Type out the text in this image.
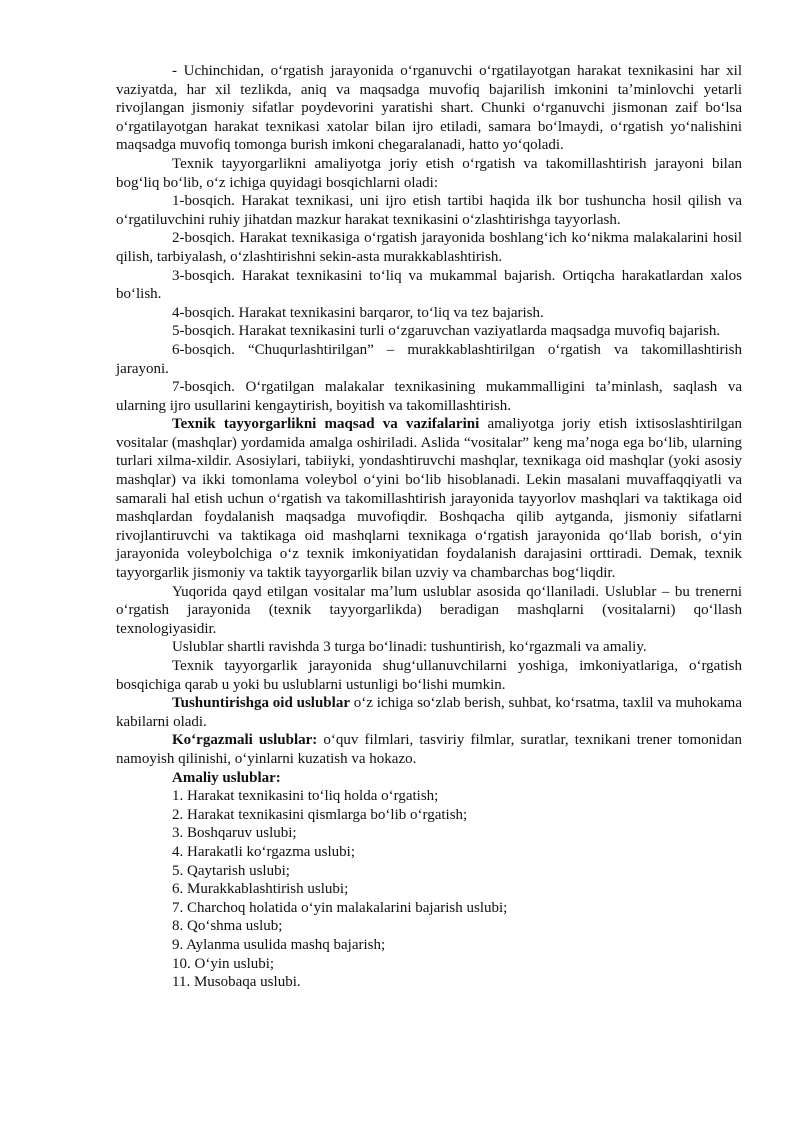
- Uchinchidan, oʻrgatish jarayonida oʻrganuvchi oʻrgatilayotgan harakat texnikasini har xil vaziyatda, har xil tezlikda, aniq va maqsadga muvofiq bajarilish imkonini taʼminlovchi yetarli rivojlangan jismoniy sifatlar poydevorini yaratishi shart. Chunki oʻrganuvchi jismonan zaif boʻlsa oʻrgatilayotgan harakat texnikasi xatolar bilan ijro etiladi, samara boʻlmaydi, oʻrgatish yoʻnalishini maqsadga muvofiq tomonga burish imkoni chegaralanadi, hatto yoʻqoladi.

Texnik tayyorgarlikni amaliyotga joriy etish oʻrgatish va takomillashtirish jarayoni bilan bogʻliq boʻlib, oʻz ichiga quyidagi bosqichlarni oladi:

1-bosqich. Harakat texnikasi, uni ijro etish tartibi haqida ilk bor tushuncha hosil qilish va oʻrgatiluvchini ruhiy jihatdan mazkur harakat texnikasini oʻzlashtirishga tayyorlash.

2-bosqich. Harakat texnikasiga oʻrgatish jarayonida boshlangʻich koʻnikma malakalarini hosil qilish, tarbiyalash, oʻzlashtirishni sekin-asta murakkablashtirish.

3-bosqich. Harakat texnikasini toʻliq va mukammal bajarish. Ortiqcha harakatlardan xalos boʻlish.

4-bosqich. Harakat texnikasini barqaror, toʻliq va tez bajarish.

5-bosqich. Harakat texnikasini turli oʻzgaruvchan vaziyatlarda maqsadga muvofiq bajarish.

6-bosqich. “Chuqurlashtirilgan” – murakkablashtirilgan oʻrgatish va takomillashtirish jarayoni.

7-bosqich. Oʻrgatilgan malakalar texnikasining mukammalligini taʼminlash, saqlash va ularning ijro usullarini kengaytirish, boyitish va takomillashtirish.

Texnik tayyorgarlikni maqsad va vazifalarini amaliyotga joriy etish ixtisoslashtirilgan vositalar (mashqlar) yordamida amalga oshiriladi. Aslida “vositalar” keng maʼnoga ega boʻlib, ularning turlari xilma-xildir. Asosiylari, tabiiyki, yondashtiruvchi mashqlar, texnikaga oid mashqlar (yoki asosiy mashqlar) va ikki tomonlama voleybol oʻyini boʻlib hisoblanadi. Lekin masalani muvaffaqqiyatli va samarali hal etish uchun oʻrgatish va takomillashtirish jarayonida tayyorlov mashqlari va taktikaga oid mashqlardan foydalanish maqsadga muvofiqdir. Boshqacha qilib aytganda, jismoniy sifatlarni rivojlantiruvchi va taktikaga oid mashqlarni texnikaga oʻrgatish jarayonida qoʻllab borish, oʻyin jarayonida voleybolchiga oʻz texnik imkoniyatidan foydalanish darajasini orttiradi. Demak, texnik tayyorgarlik jismoniy va taktik tayyorgarlik bilan uzviy va chambarchas bogʻliqdir.

Yuqorida qayd etilgan vositalar maʼlum uslublar asosida qoʻllaniladi. Uslublar – bu trenerni oʻrgatish jarayonida (texnik tayyorgarlikda) beradigan mashqlarni (vositalarni) qoʻllash texnologiyasidir.

Uslublar shartli ravishda 3 turga boʻlinadi: tushuntirish, koʻrgazmali va amaliy.

Texnik tayyorgarlik jarayonida shugʻullanuvchilarni yoshiga, imkoniyatlariga, oʻrgatish bosqichiga qarab u yoki bu uslublarni ustunligi boʻlishi mumkin.

Tushuntirishga oid uslublar oʻz ichiga soʻzlab berish, suhbat, koʻrsatma, taxlil va muhokama kabilarni oladi.

Koʻrgazmali uslublar: oʻquv filmlari, tasviriy filmlar, suratlar, texnikani trener tomonidan namoyish qilinishi, oʻyinlarni kuzatish va hokazo.

Amaliy uslublar:

1. Harakat texnikasini toʻliq holda oʻrgatish;
2. Harakat texnikasini qismlarga boʻlib oʻrgatish;
3. Boshqaruv uslubi;
4. Harakatli koʻrgazma uslubi;
5. Qaytarish uslubi;
6. Murakkablashtirish uslubi;
7. Charchoq holatida oʻyin malakalarini bajarish uslubi;
8. Qoʻshma uslub;
9. Aylanma usulida mashq bajarish;
10. Oʻyin uslubi;
11. Musobaqa uslubi.
